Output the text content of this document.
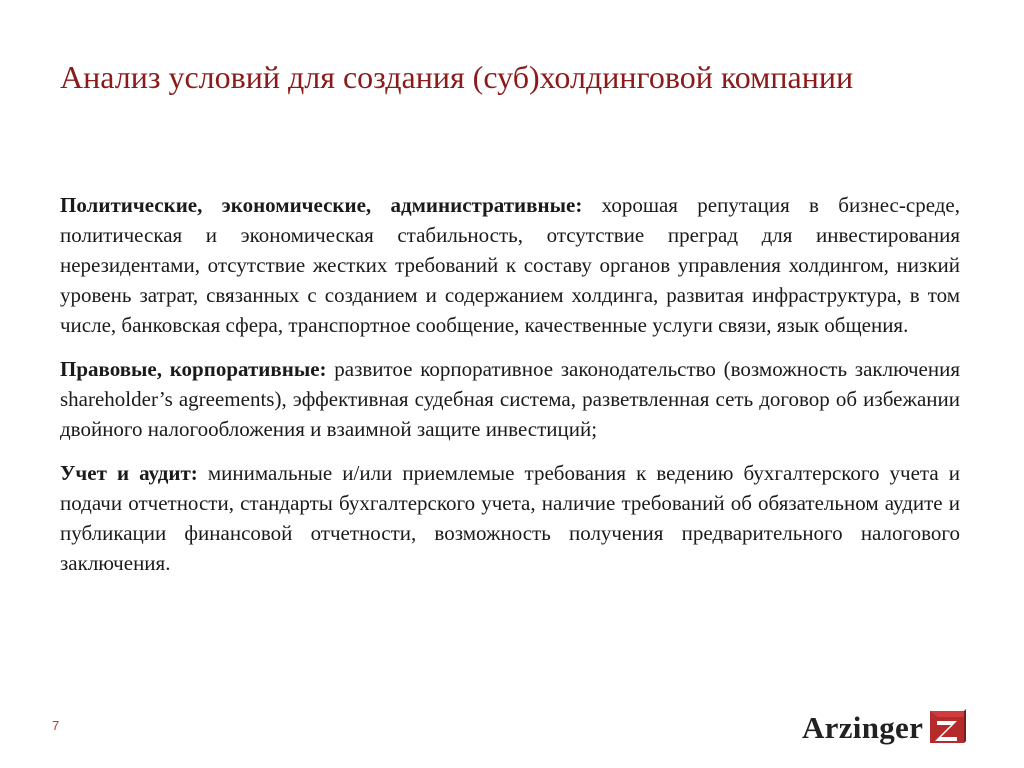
Анализ условий для создания (суб)холдинговой компании

Политические, экономические, административные: хорошая репутация в бизнес-среде, политическая и экономическая стабильность, отсутствие преград для инвестирования нерезидентами, отсутствие жестких требований к составу органов управления холдингом, низкий уровень затрат, связанных с созданием и содержанием холдинга, развитая инфраструктура, в том числе, банковская сфера, транспортное сообщение, качественные услуги связи, язык общения.

Правовые, корпоративные: развитое корпоративное законодательство (возможность заключения shareholder’s agreements), эффективная судебная система, разветвленная сеть договор об избежании двойного налогообложения и взаимной защите инвестиций;

Учет и аудит: минимальные и/или приемлемые требования к ведению бухгалтерского учета и подачи отчетности, стандарты бухгалтерского учета, наличие требований об обязательном аудите и публикации финансовой отчетности, возможность получения предварительного налогового заключения.

7	Arzinger
